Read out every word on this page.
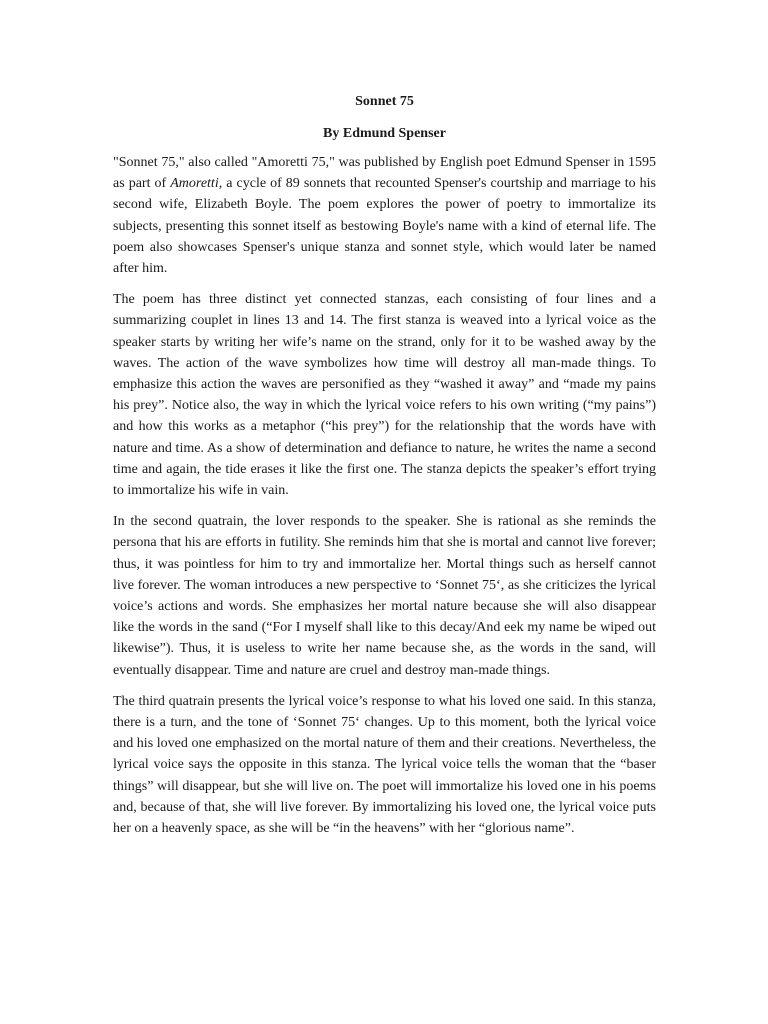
Sonnet 75
By Edmund Spenser

"Sonnet 75," also called "Amoretti 75," was published by English poet Edmund Spenser in 1595 as part of Amoretti, a cycle of 89 sonnets that recounted Spenser's courtship and marriage to his second wife, Elizabeth Boyle. The poem explores the power of poetry to immortalize its subjects, presenting this sonnet itself as bestowing Boyle's name with a kind of eternal life. The poem also showcases Spenser's unique stanza and sonnet style, which would later be named after him.

The poem has three distinct yet connected stanzas, each consisting of four lines and a summarizing couplet in lines 13 and 14. The first stanza is weaved into a lyrical voice as the speaker starts by writing her wife’s name on the strand, only for it to be washed away by the waves. The action of the wave symbolizes how time will destroy all man-made things. To emphasize this action the waves are personified as they “washed it away” and “made my pains his prey”. Notice also, the way in which the lyrical voice refers to his own writing (“my pains”) and how this works as a metaphor (“his prey”) for the relationship that the words have with nature and time. As a show of determination and defiance to nature, he writes the name a second time and again, the tide erases it like the first one. The stanza depicts the speaker’s effort trying to immortalize his wife in vain.

In the second quatrain, the lover responds to the speaker. She is rational as she reminds the persona that his are efforts in futility. She reminds him that she is mortal and cannot live forever; thus, it was pointless for him to try and immortalize her. Mortal things such as herself cannot live forever. The woman introduces a new perspective to ‘Sonnet 75‘, as she criticizes the lyrical voice’s actions and words. She emphasizes her mortal nature because she will also disappear like the words in the sand (“For I myself shall like to this decay/And eek my name be wiped out likewise”). Thus, it is useless to write her name because she, as the words in the sand, will eventually disappear. Time and nature are cruel and destroy man-made things.

The third quatrain presents the lyrical voice’s response to what his loved one said. In this stanza, there is a turn, and the tone of ‘Sonnet 75‘ changes. Up to this moment, both the lyrical voice and his loved one emphasized on the mortal nature of them and their creations. Nevertheless, the lyrical voice says the opposite in this stanza. The lyrical voice tells the woman that the “baser things” will disappear, but she will live on. The poet will immortalize his loved one in his poems and, because of that, she will live forever. By immortalizing his loved one, the lyrical voice puts her on a heavenly space, as she will be “in the heavens” with her “glorious name”.
